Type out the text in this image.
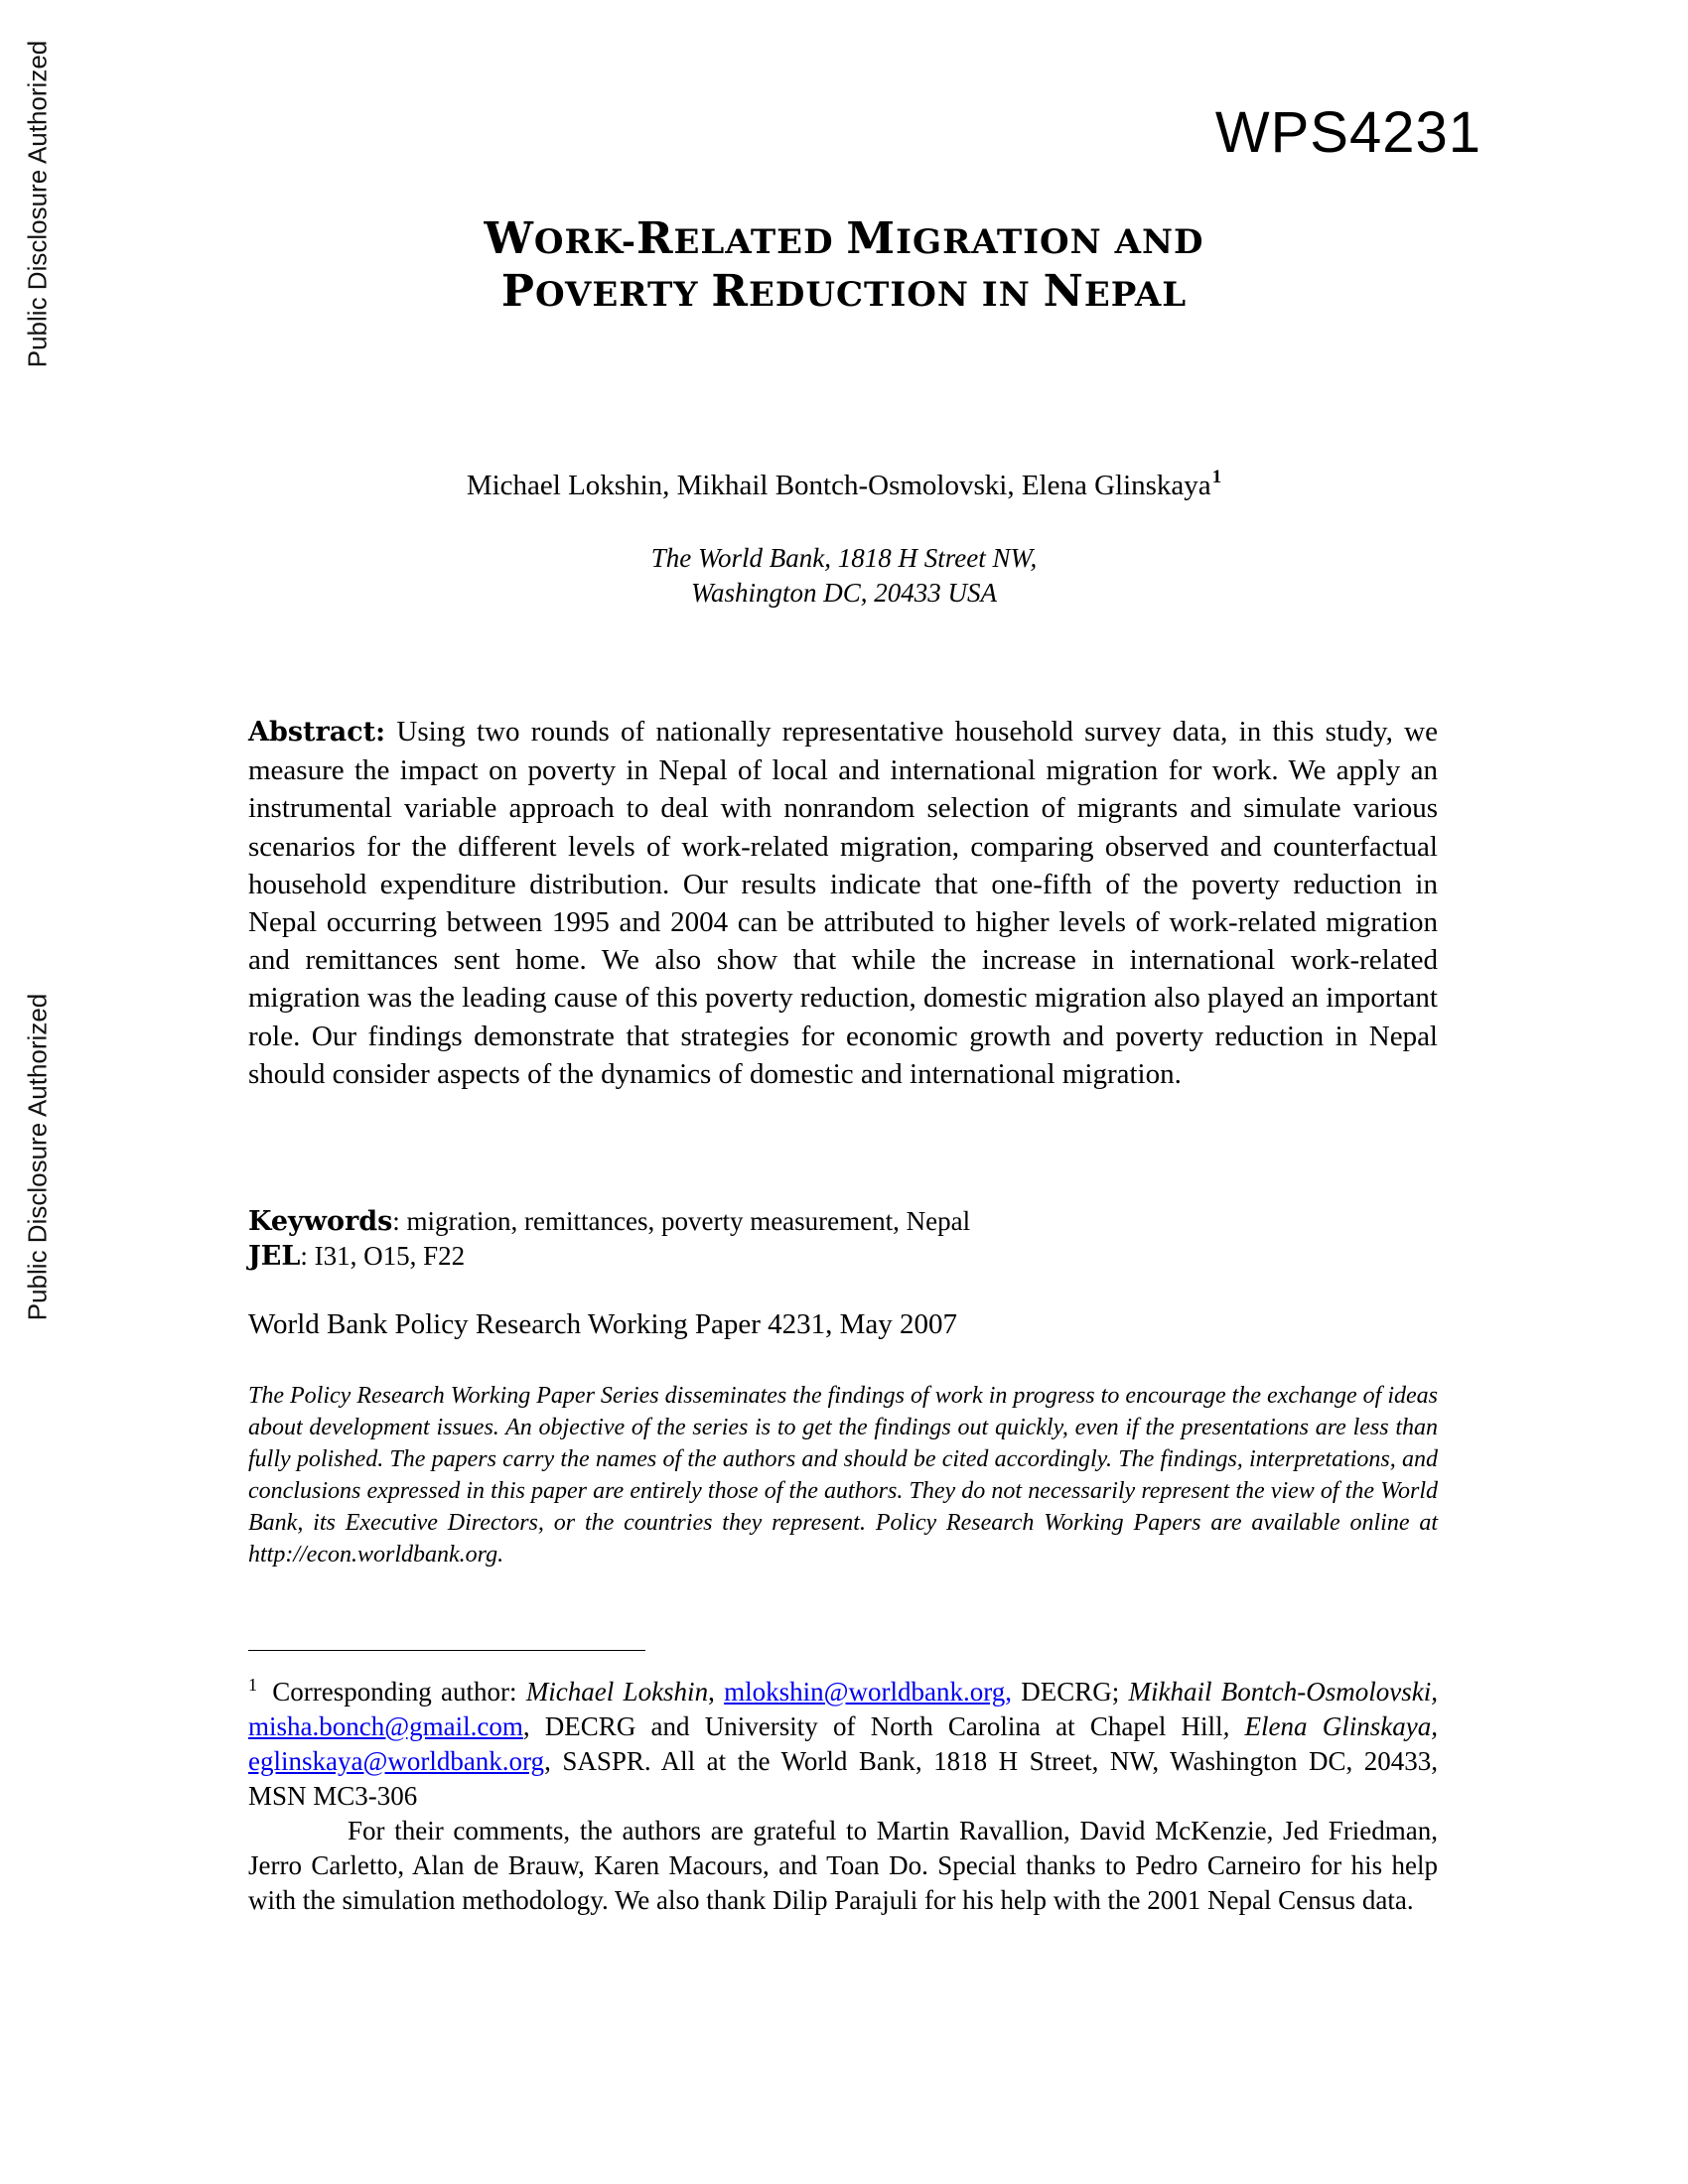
Public Disclosure Authorized
Public Disclosure Authorized
WPS4231
WORK-RELATED MIGRATION AND
POVERTY REDUCTION IN NEPAL
Michael Lokshin, Mikhail Bontch-Osmolovski, Elena Glinskaya$^1$
The World Bank, 1818 H Street NW,
Washington DC, 20433 USA
Abstract: Using two rounds of nationally representative household survey data, in this study, we measure the impact on poverty in Nepal of local and international migration for work. We apply an instrumental variable approach to deal with nonrandom selection of migrants and simulate various scenarios for the different levels of work-related migration, comparing observed and counterfactual household expenditure distribution. Our results indicate that one-fifth of the poverty reduction in Nepal occurring between 1995 and 2004 can be attributed to higher levels of work-related migration and remittances sent home. We also show that while the increase in international work-related migration was the leading cause of this poverty reduction, domestic migration also played an important role. Our findings demonstrate that strategies for economic growth and poverty reduction in Nepal should consider aspects of the dynamics of domestic and international migration.
Keywords: migration, remittances, poverty measurement, Nepal
JEL: I31, O15, F22
World Bank Policy Research Working Paper 4231, May 2007
The Policy Research Working Paper Series disseminates the findings of work in progress to encourage the exchange of ideas about development issues. An objective of the series is to get the findings out quickly, even if the presentations are less than fully polished. The papers carry the names of the authors and should be cited accordingly. The findings, interpretations, and conclusions expressed in this paper are entirely those of the authors. They do not necessarily represent the view of the World Bank, its Executive Directors, or the countries they represent. Policy Research Working Papers are available online at http://econ.worldbank.org.

$^1$ Corresponding author: Michael Lokshin, mlokshin@worldbank.org, DECRG; Mikhail Bontch-Osmolovski, misha.bonch@gmail.com, DECRG and University of North Carolina at Chapel Hill, Elena Glinskaya, eglinskaya@worldbank.org, SASPR. All at the World Bank, 1818 H Street, NW, Washington DC, 20433, MSN MC3-306

For their comments, the authors are grateful to Martin Ravallion, David McKenzie, Jed Friedman, Jerro Carletto, Alan de Brauw, Karen Macours, and Toan Do. Special thanks to Pedro Carneiro for his help with the simulation methodology. We also thank Dilip Parajuli for his help with the 2001 Nepal Census data.
